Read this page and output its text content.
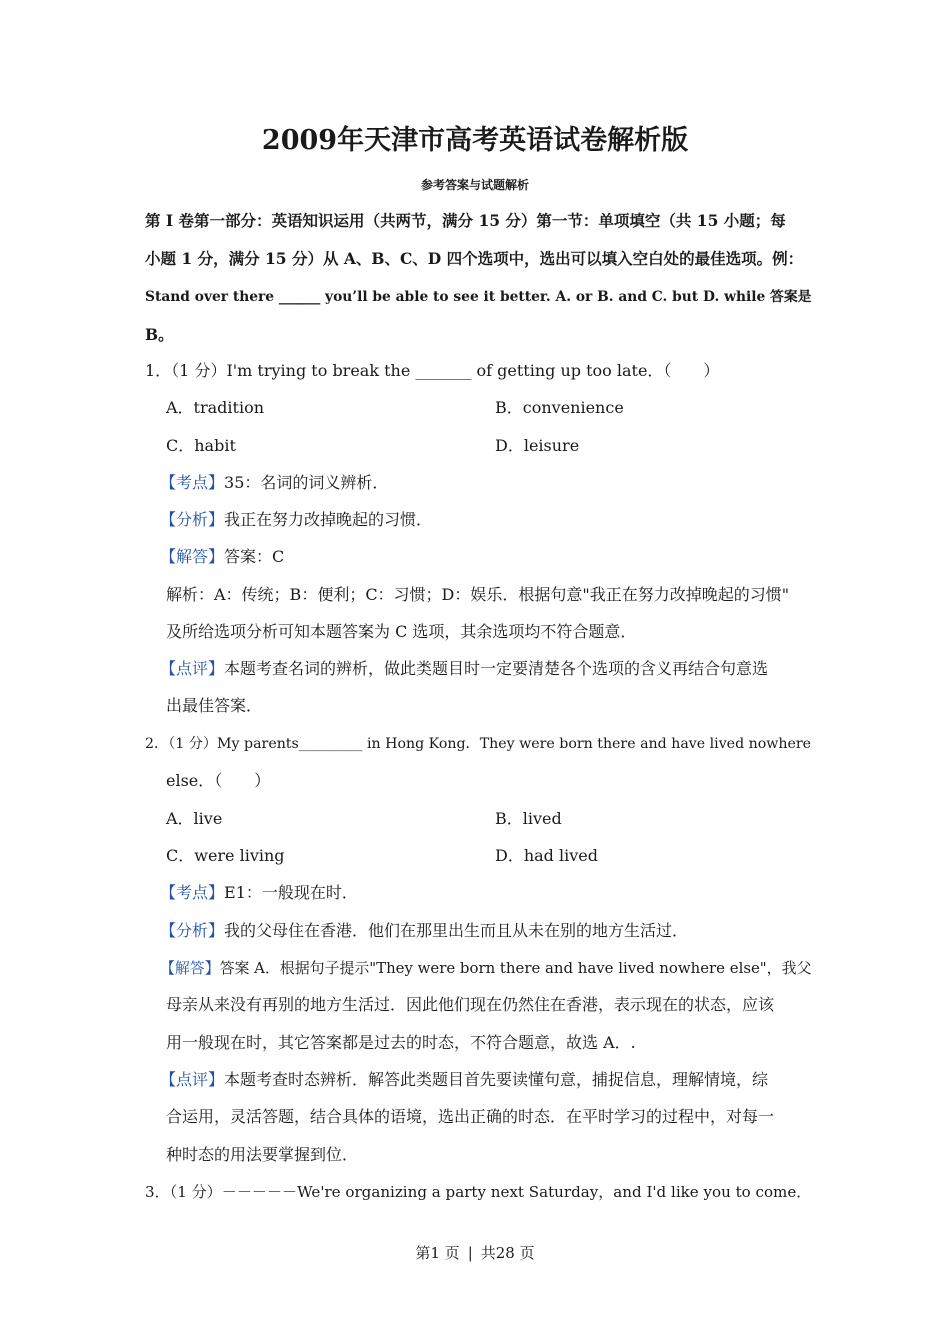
2009年天津市高考英语试卷解析版
参考答案与试题解析
第 I 卷第一部分：英语知识运用（共两节，满分 15 分）第一节：单项填空（共 15 小题；每
小题 1 分，满分 15 分）从 A、B、C、D 四个选项中，选出可以填入空白处的最佳选项。例：
Stand over there ______ you’ll be able to see it better. A. or B. and C. but D. while 答案是
B。
1．（1 分）I'm trying to break the _______ of getting up too late．（　　）
A．tradition	B．convenience
C．habit	D．leisure
【考点】35：名词的词义辨析．
【分析】我正在努力改掉晚起的习惯．
【解答】答案：C
解析：A：传统；B：便利；C：习惯；D：娱乐．根据句意"我正在努力改掉晚起的习惯"
及所给选项分析可知本题答案为 C 选项，其余选项均不符合题意．
【点评】本题考查名词的辨析，做此类题目时一定要清楚各个选项的含义再结合句意选
出最佳答案．
2．（1 分）My parents_________ in Hong Kong．They were born there and have lived nowhere
else．（　　）
A．live	B．lived
C．were living	D．had lived
【考点】E1：一般现在时．
【分析】我的父母住在香港．他们在那里出生而且从未在别的地方生活过．
【解答】答案 A．根据句子提示"They were born there and have lived nowhere else"，我父
母亲从来没有再别的地方生活过．因此他们现在仍然住在香港，表示现在的状态，应该
用一般现在时，其它答案都是过去的时态，不符合题意，故选 A．.
【点评】本题考查时态辨析．解答此类题目首先要读懂句意，捕捉信息，理解情境，综
合运用，灵活答题，结合具体的语境，选出正确的时态．在平时学习的过程中，对每一
种时态的用法要掌握到位．
3．（1 分）－－－－－We're organizing a party next Saturday，and I'd like you to come．
第1 页 | 共28 页
